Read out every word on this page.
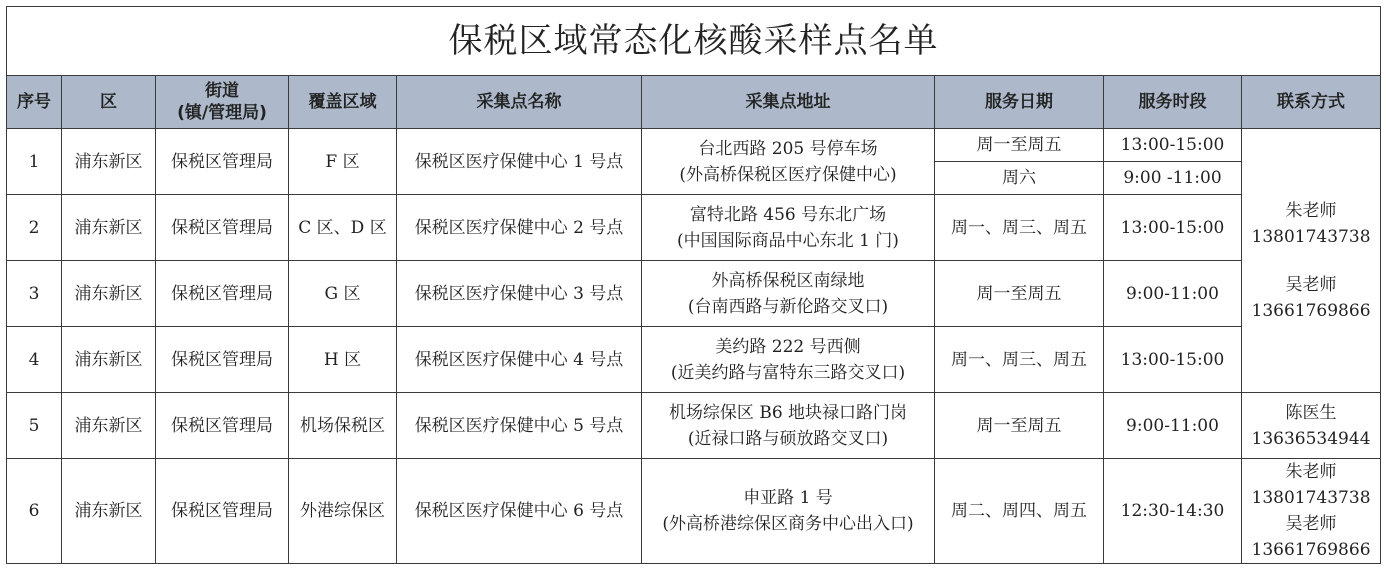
保税区域常态化核酸采样点名单								
序号	区	街道
(镇/管理局)	覆盖区域	采集点名称	采集点地址	服务日期	服务时段	联系方式
1	浦东新区	保税区管理局	F 区	保税区医疗保健中心 1 号点	台北西路 205 号停车场
(外高桥保税区医疗保健中心)	周一至周五	13:00-15:00	朱老师
13801743738
吴老师
13661769866

						周六	9:00 -11:00	
2	浦东新区	保税区管理局	C 区、D 区	保税区医疗保健中心 2 号点	富特北路 456 号东北广场
(中国国际商品中心东北 1 门)	周一、周三、周五	13:00-15:00	
3	浦东新区	保税区管理局	G 区	保税区医疗保健中心 3 号点	外高桥保税区南绿地
(台南西路与新伦路交叉口)	周一至周五	9:00-11:00	
4	浦东新区	保税区管理局	H 区	保税区医疗保健中心 4 号点	美约路 222 号西侧
(近美约路与富特东三路交叉口)	周一、周三、周五	13:00-15:00	
5	浦东新区	保税区管理局	机场保税区	保税区医疗保健中心 5 号点	机场综保区 B6 地块禄口路门岗
(近禄口路与硕放路交叉口)	周一至周五	9:00-11:00	陈医生
13636534944

6	浦东新区	保税区管理局	外港综保区	保税区医疗保健中心 6 号点	申亚路 1 号
(外高桥港综保区商务中心出入口)	周二、周四、周五	12:30-14:30	朱老师
13801743738
吴老师
13661769866
